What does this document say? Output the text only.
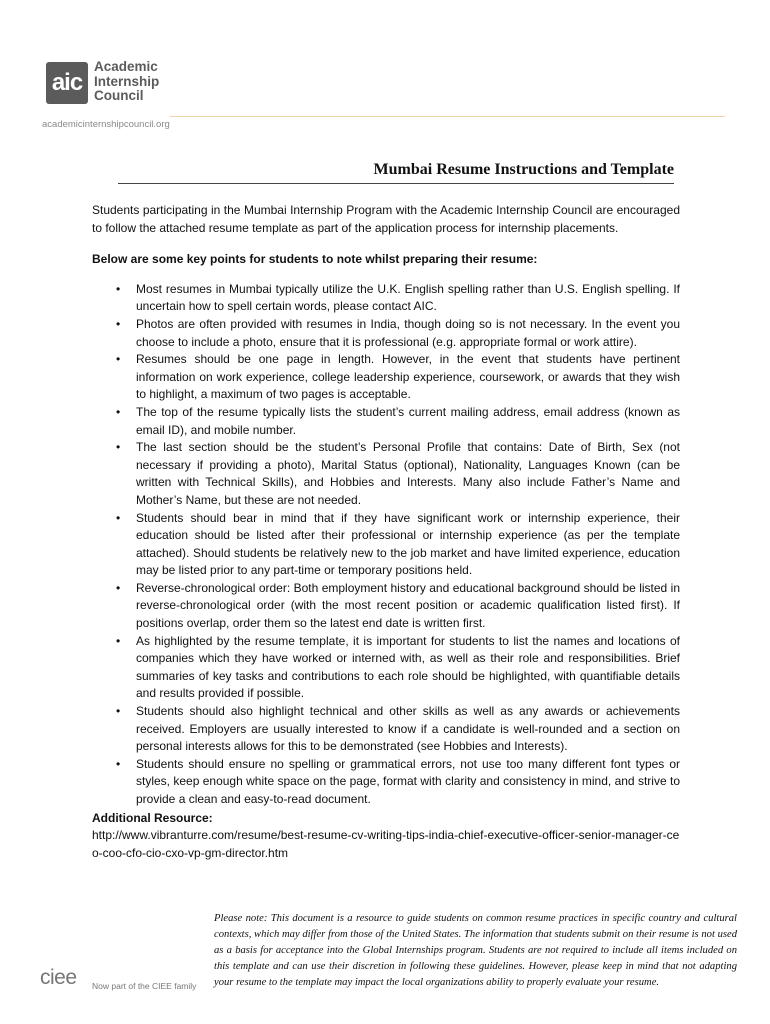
aic
Academic
Internship
Council
academicinternshipcouncil.org
Mumbai Resume Instructions and Template

Students participating in the Mumbai Internship Program with the Academic Internship Council are encouraged to follow the attached resume template as part of the application process for internship placements.

Below are some key points for students to note whilst preparing their resume:
• Most resumes in Mumbai typically utilize the U.K. English spelling rather than U.S. English spelling. If uncertain how to spell certain words, please contact AIC.
• Photos are often provided with resumes in India, though doing so is not necessary. In the event you choose to include a photo, ensure that it is professional (e.g. appropriate formal or work attire).
• Resumes should be one page in length. However, in the event that students have pertinent information on work experience, college leadership experience, coursework, or awards that they wish to highlight, a maximum of two pages is acceptable.
• The top of the resume typically lists the student’s current mailing address, email address (known as email ID), and mobile number.
• The last section should be the student’s Personal Profile that contains: Date of Birth, Sex (not necessary if providing a photo), Marital Status (optional), Nationality, Languages Known (can be written with Technical Skills), and Hobbies and Interests. Many also include Father’s Name and Mother’s Name, but these are not needed.
• Students should bear in mind that if they have significant work or internship experience, their education should be listed after their professional or internship experience (as per the template attached). Should students be relatively new to the job market and have limited experience, education may be listed prior to any part-time or temporary positions held.
• Reverse-chronological order: Both employment history and educational background should be listed in reverse-chronological order (with the most recent position or academic qualification listed first). If positions overlap, order them so the latest end date is written first.
• As highlighted by the resume template, it is important for students to list the names and locations of companies which they have worked or interned with, as well as their role and responsibilities. Brief summaries of key tasks and contributions to each role should be highlighted, with quantifiable details and results provided if possible.
• Students should also highlight technical and other skills as well as any awards or achievements received. Employers are usually interested to know if a candidate is well-rounded and a section on personal interests allows for this to be demonstrated (see Hobbies and Interests).
• Students should ensure no spelling or grammatical errors, not use too many different font types or styles, keep enough white space on the page, format with clarity and consistency in mind, and strive to provide a clean and easy-to-read document.
Additional Resource:
http://www.vibranturre.com/resume/best-resume-cv-writing-tips-india-chief-executive-officer-senior-manager-ceo-coo-cfo-cio-cxo-vp-gm-director.htm
Please note: This document is a resource to guide students on common resume practices in specific country and cultural contexts, which may differ from those of the United States. The information that students submit on their resume is not used as a basis for acceptance into the Global Internships program. Students are not required to include all items included on this template and can use their discretion in following these guidelines. However, please keep in mind that not adapting your resume to the template may impact the local organizations ability to properly evaluate your resume.
ciee Now part of the CIEE family
